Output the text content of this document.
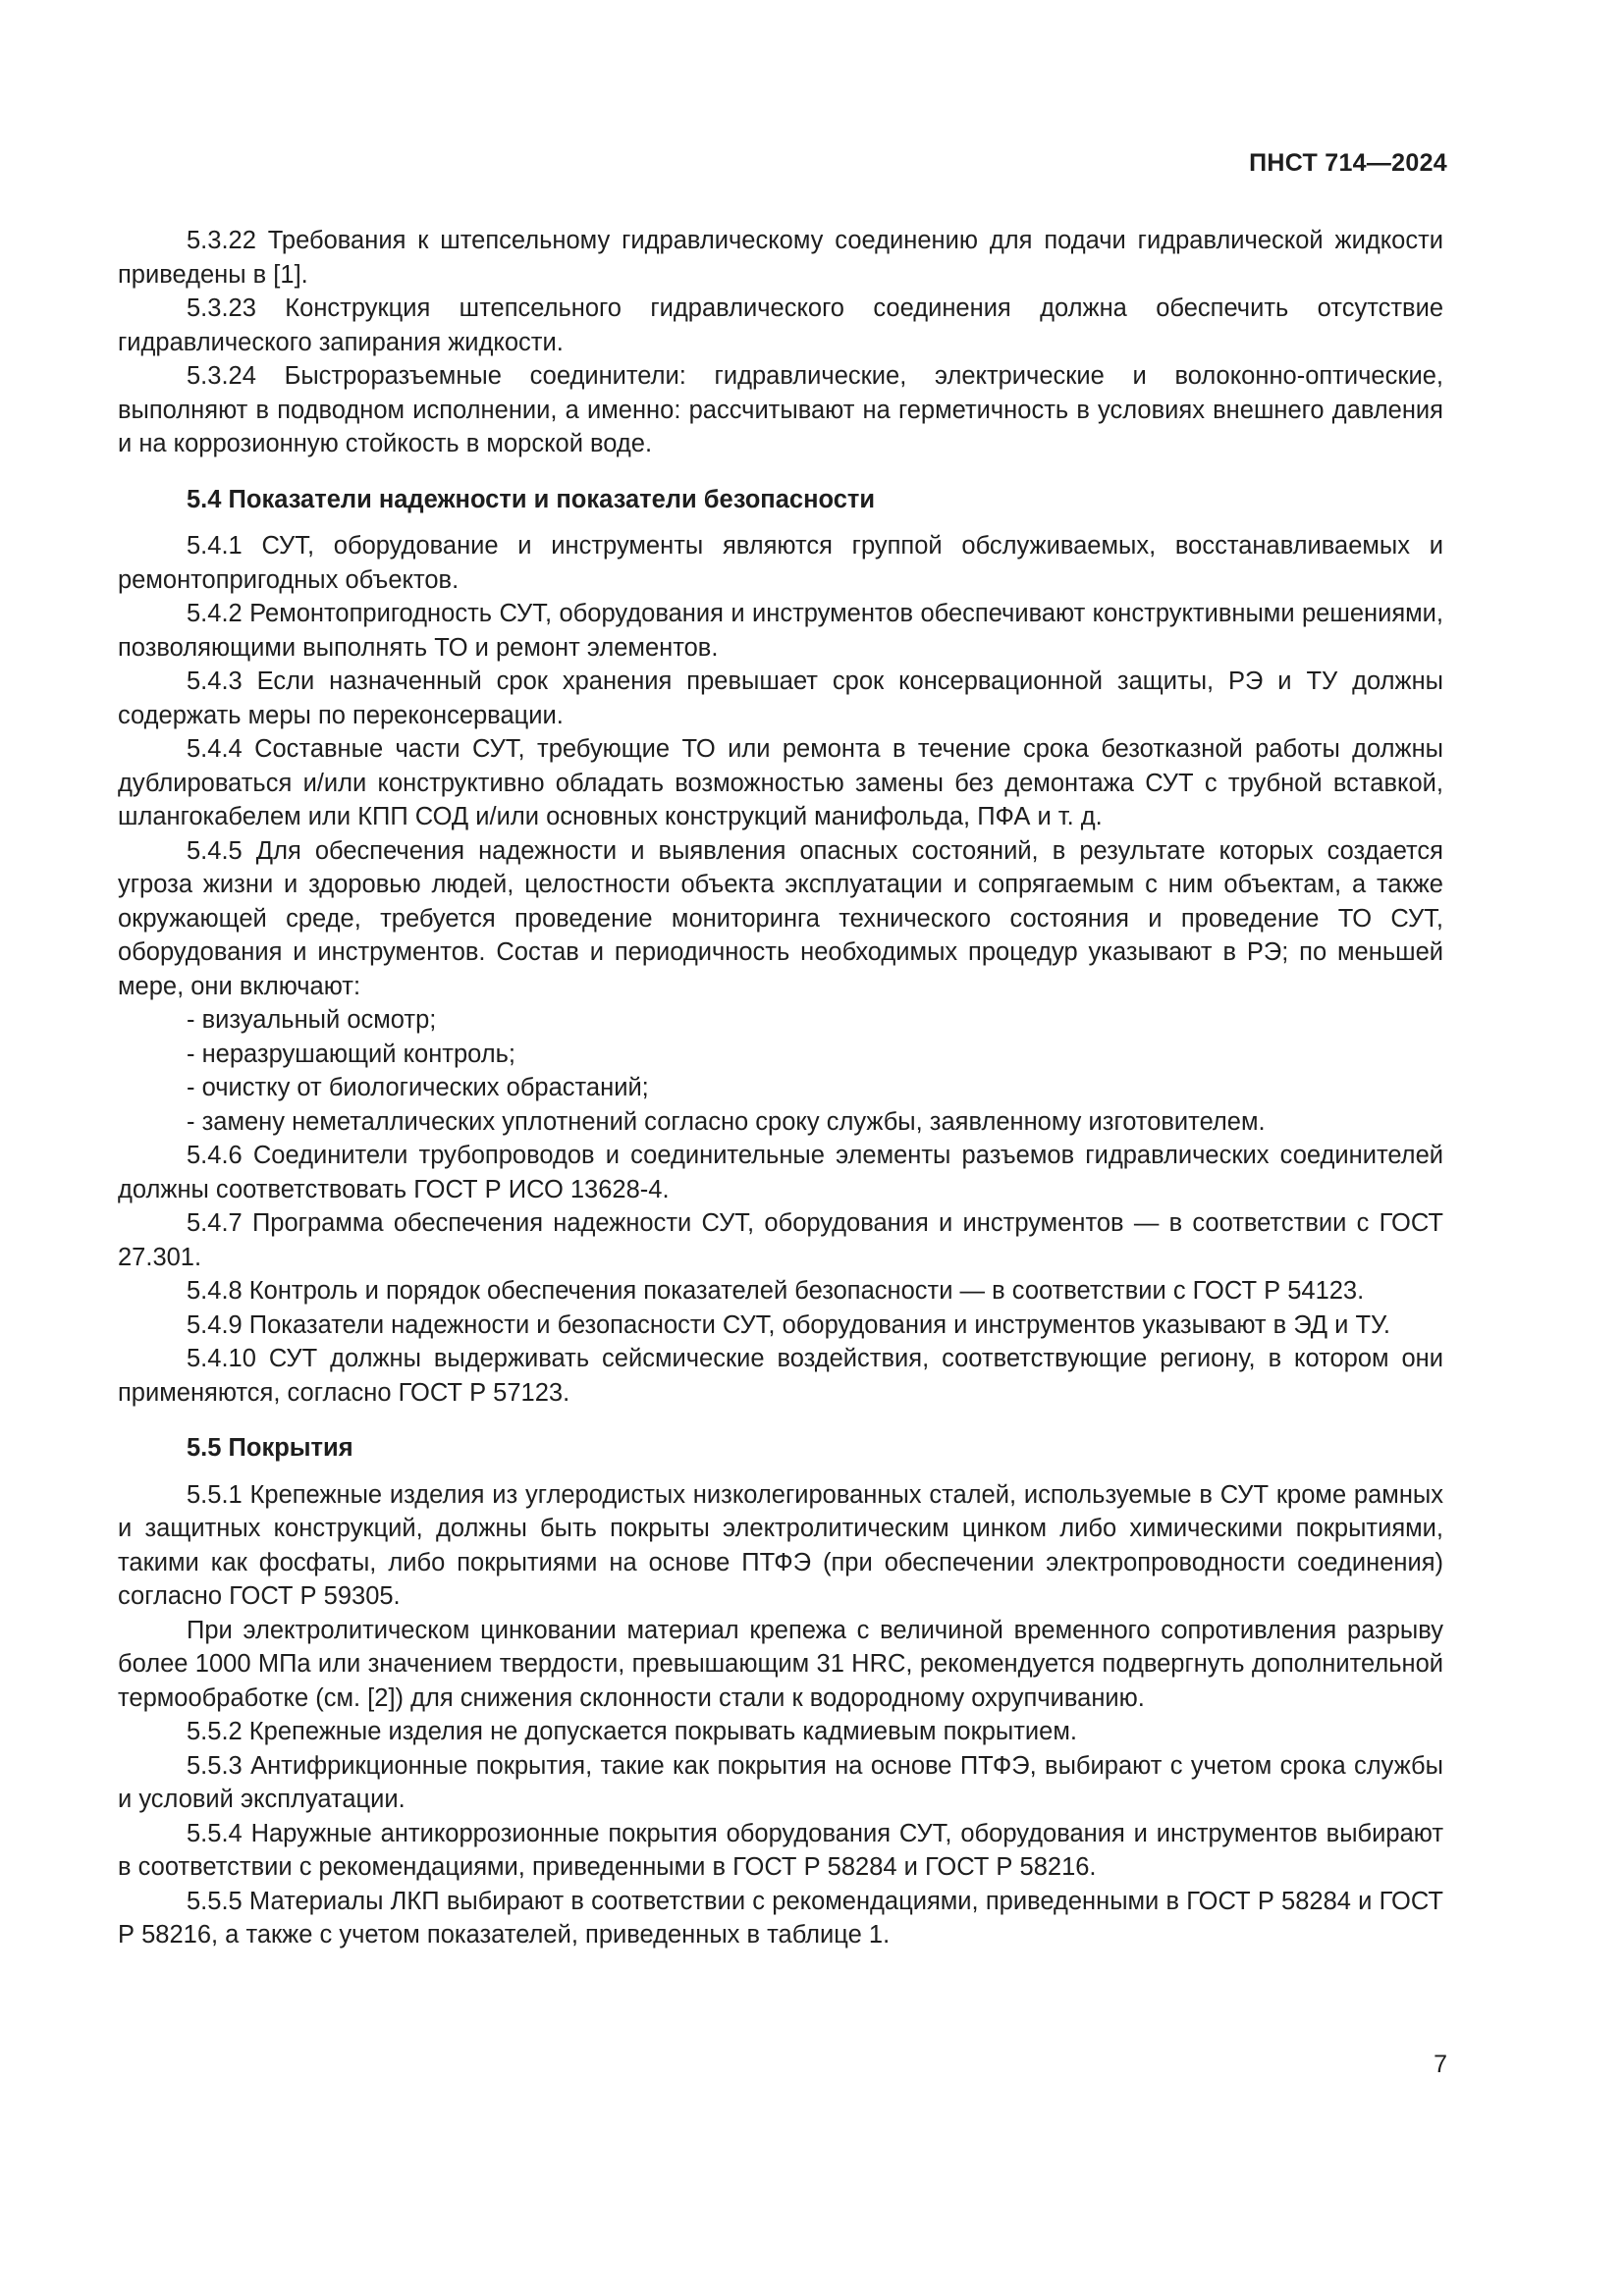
ПНСТ 714—2024

5.3.22 Требования к штепсельному гидравлическому соединению для подачи гидравлической жидкости приведены в [1].

5.3.23 Конструкция штепсельного гидравлического соединения должна обеспечить отсутствие гидравлического запирания жидкости.

5.3.24 Быстроразъемные соединители: гидравлические, электрические и волоконно-оптические, выполняют в подводном исполнении, а именно: рассчитывают на герметичность в условиях внешнего давления и на коррозионную стойкость в морской воде.

5.4 Показатели надежности и показатели безопасности

5.4.1 СУТ, оборудование и инструменты являются группой обслуживаемых, восстанавливаемых и ремонтопригодных объектов.

5.4.2 Ремонтопригодность СУТ, оборудования и инструментов обеспечивают конструктивными решениями, позволяющими выполнять ТО и ремонт элементов.

5.4.3 Если назначенный срок хранения превышает срок консервационной защиты, РЭ и ТУ должны содержать меры по переконсервации.

5.4.4 Составные части СУТ, требующие ТО или ремонта в течение срока безотказной работы должны дублироваться и/или конструктивно обладать возможностью замены без демонтажа СУТ с трубной вставкой, шлангокабелем или КПП СОД и/или основных конструкций манифольда, ПФА и т. д.

5.4.5 Для обеспечения надежности и выявления опасных состояний, в результате которых создается угроза жизни и здоровью людей, целостности объекта эксплуатации и сопрягаемым с ним объектам, а также окружающей среде, требуется проведение мониторинга технического состояния и проведение ТО СУТ, оборудования и инструментов. Состав и периодичность необходимых процедур указывают в РЭ; по меньшей мере, они включают:

- визуальный осмотр;
- неразрушающий контроль;
- очистку от биологических обрастаний;
- замену неметаллических уплотнений согласно сроку службы, заявленному изготовителем.

5.4.6 Соединители трубопроводов и соединительные элементы разъемов гидравлических соединителей должны соответствовать ГОСТ Р ИСО 13628-4.

5.4.7 Программа обеспечения надежности СУТ, оборудования и инструментов — в соответствии с ГОСТ 27.301.

5.4.8 Контроль и порядок обеспечения показателей безопасности — в соответствии с ГОСТ Р 54123.

5.4.9 Показатели надежности и безопасности СУТ, оборудования и инструментов указывают в ЭД и ТУ.

5.4.10 СУТ должны выдерживать сейсмические воздействия, соответствующие региону, в котором они применяются, согласно ГОСТ Р 57123.

5.5 Покрытия

5.5.1 Крепежные изделия из углеродистых низколегированных сталей, используемые в СУТ кроме рамных и защитных конструкций, должны быть покрыты электролитическим цинком либо химическими покрытиями, такими как фосфаты, либо покрытиями на основе ПТФЭ (при обеспечении электропроводности соединения) согласно ГОСТ Р 59305.

При электролитическом цинковании материал крепежа с величиной временного сопротивления разрыву более 1000 МПа или значением твердости, превышающим 31 HRC, рекомендуется подвергнуть дополнительной термообработке (см. [2]) для снижения склонности стали к водородному охрупчиванию.

5.5.2 Крепежные изделия не допускается покрывать кадмиевым покрытием.

5.5.3 Антифрикционные покрытия, такие как покрытия на основе ПТФЭ, выбирают с учетом срока службы и условий эксплуатации.

5.5.4 Наружные антикоррозионные покрытия оборудования СУТ, оборудования и инструментов выбирают в соответствии с рекомендациями, приведенными в ГОСТ Р 58284 и ГОСТ Р 58216.

5.5.5 Материалы ЛКП выбирают в соответствии с рекомендациями, приведенными в ГОСТ Р 58284 и ГОСТ Р 58216, а также с учетом показателей, приведенных в таблице 1.

7
